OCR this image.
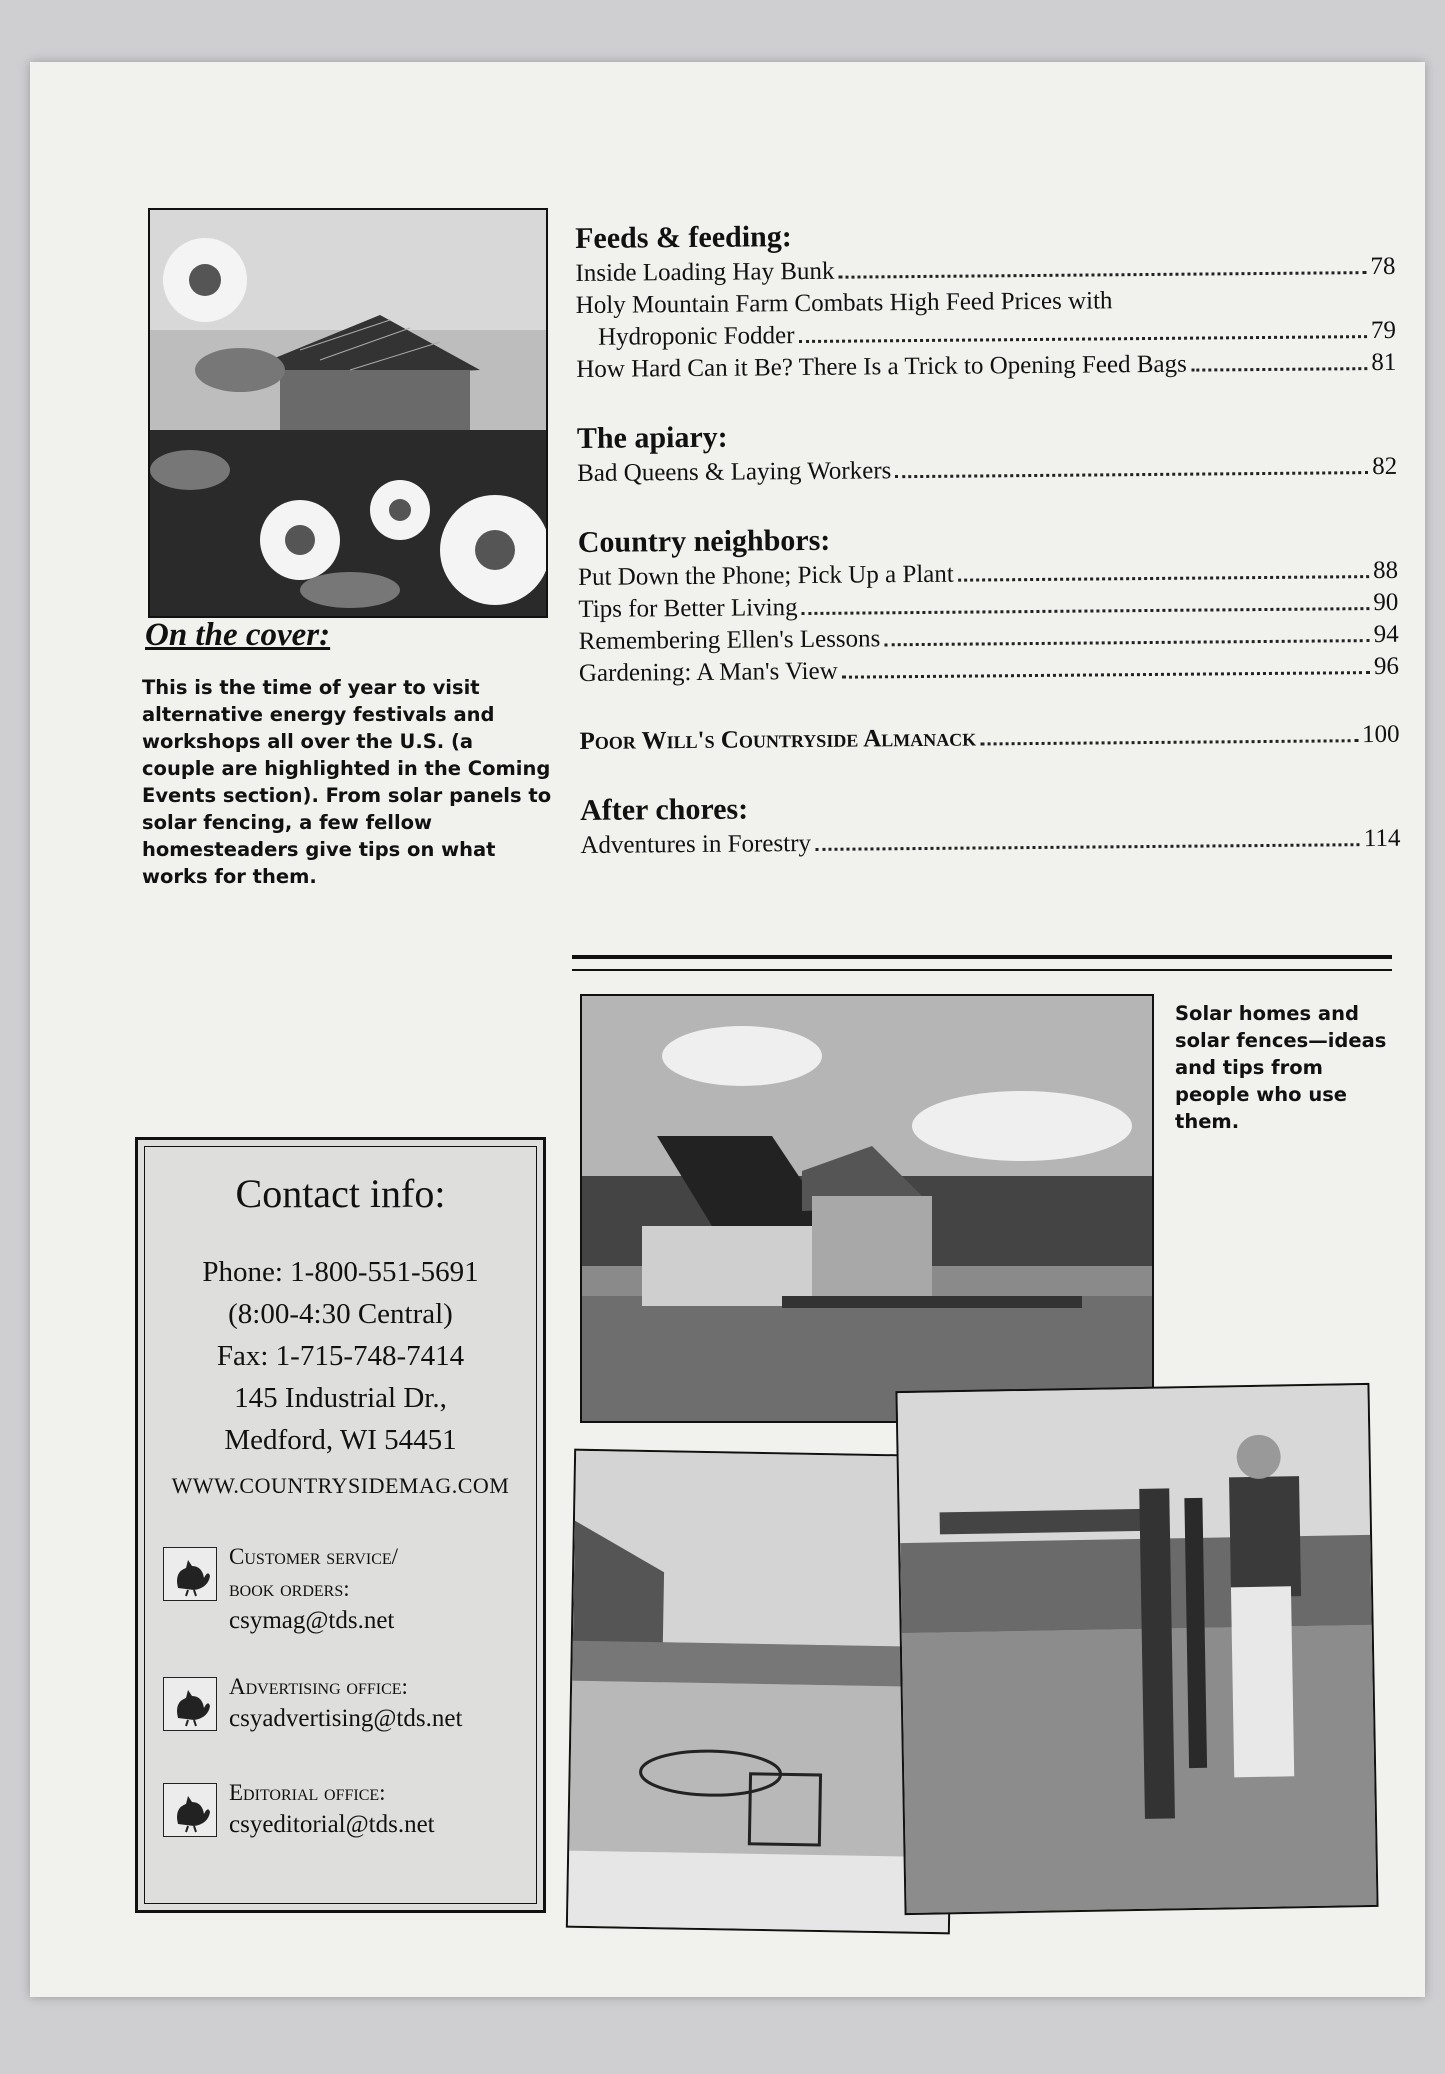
On the cover:

This is the time of year to visit alternative energy festivals and workshops all over the U.S. (a couple are highlighted in the Coming Events section). From solar panels to solar fencing, a few fellow homesteaders give tips on what works for them.

Feeds & feeding:
Inside Loading Hay Bunk	78
Holy Mountain Farm Combats High Feed Prices with
Hydroponic Fodder	79
How Hard Can it Be? There Is a Trick to Opening Feed Bags	81
The apiary:
Bad Queens & Laying Workers	82
Country neighbors:
Put Down the Phone; Pick Up a Plant	88
Tips for Better Living	90
Remembering Ellen's Lessons	94
Gardening: A Man's View	96
Poor Will's Countryside Almanack	100
After chores:
Adventures in Forestry	114

Solar homes and solar fences—ideas and tips from people who use them.

Contact info:

Phone: 1-800-551-5691

(8:00-4:30 Central)

Fax: 1-715-748-7414

145 Industrial Dr.,

Medford, WI 54451

WWW.COUNTRYSIDEMAG.COM

Customer service/
book orders:
csymag@tds.net
Advertising office:
csyadvertising@tds.net
Editorial office:
csyeditorial@tds.net
